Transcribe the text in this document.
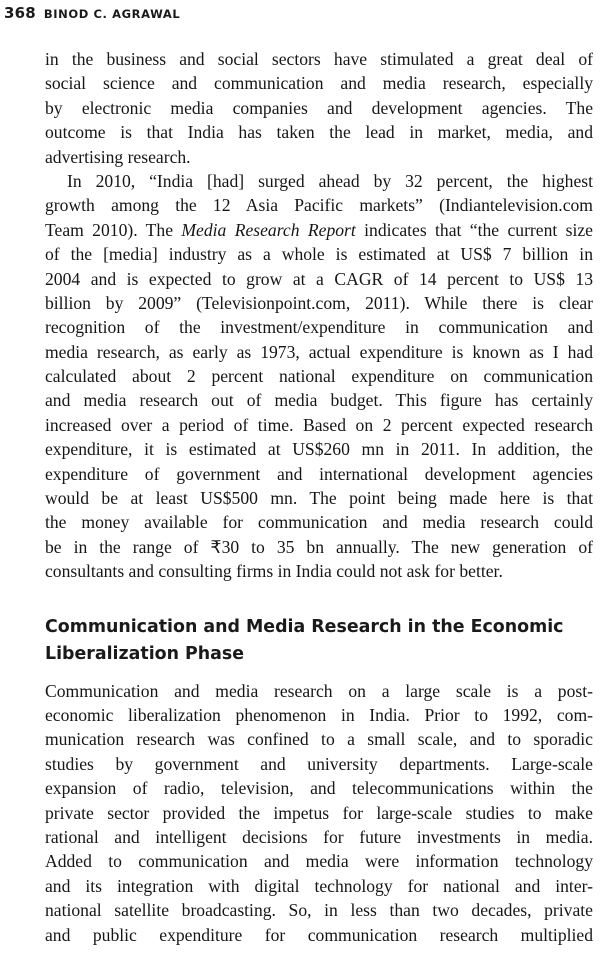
368 BINOD C. AGRAWAL
in the business and social sectors have stimulated a great deal of
social science and communication and media research, especially
by electronic media companies and development agencies. The
outcome is that India has taken the lead in market, media, and
advertising research.
In 2010, “India [had] surged ahead by 32 percent, the highest
growth among the 12 Asia Pacific markets” (Indiantelevision.com
Team 2010). The Media Research Report indicates that “the current size
of the [media] industry as a whole is estimated at US$ 7 billion in
2004 and is expected to grow at a CAGR of 14 percent to US$ 13
billion by 2009” (Televisionpoint.com, 2011). While there is clear
recognition of the investment/expenditure in communication and
media research, as early as 1973, actual expenditure is known as I had
calculated about 2 percent national expenditure on communication
and media research out of media budget. This figure has certainly
increased over a period of time. Based on 2 percent expected research
expenditure, it is estimated at US$260 mn in 2011. In addition, the
expenditure of government and international development agencies
would be at least US$500 mn. The point being made here is that
the money available for communication and media research could
be in the range of ₹30 to 35 bn annually. The new generation of
consultants and consulting firms in India could not ask for better.
Communication and Media Research in the Economic
Liberalization Phase
Communication and media research on a large scale is a post-
economic liberalization phenomenon in India. Prior to 1992, com-
munication research was confined to a small scale, and to sporadic
studies by government and university departments. Large-scale
expansion of radio, television, and telecommunications within the
private sector provided the impetus for large-scale studies to make
rational and intelligent decisions for future investments in media.
Added to communication and media were information technology
and its integration with digital technology for national and inter-
national satellite broadcasting. So, in less than two decades, private
and public expenditure for communication research multiplied
